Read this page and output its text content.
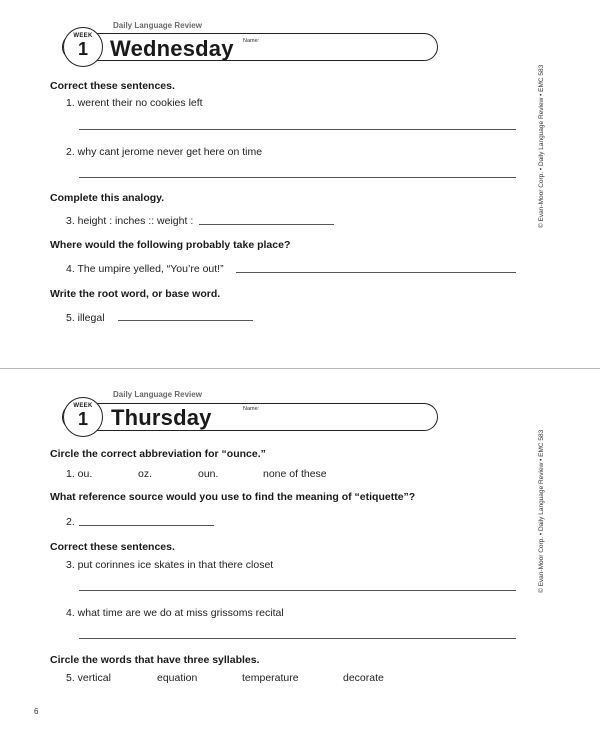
Daily Language Review
WEEK
1	Wednesday Name:
Correct these sentences.
1. werent their no cookies left
2. why cant jerome never get here on time
Complete this analogy.
3. height : inches :: weight :
Where would the following probably take place?
4. The umpire yelled, “You’re out!”
Write the root word, or base word.
5. illegal
© Evan-Moor Corp. • Daily Language Review • EMC 583
Daily Language Review
WEEK
1	Thursday	Name:
Circle the correct abbreviation for “ounce.”
1. ou.	oz.	oun.	none of these
What reference source would you use to find the meaning of “etiquette”?
2.
Correct these sentences.
3. put corinnes ice skates in that there closet
4. what time are we do at miss grissoms recital
Circle the words that have three syllables.
5. vertical	equation	temperature	decorate
© Evan-Moor Corp. • Daily Language Review • EMC 583
6
